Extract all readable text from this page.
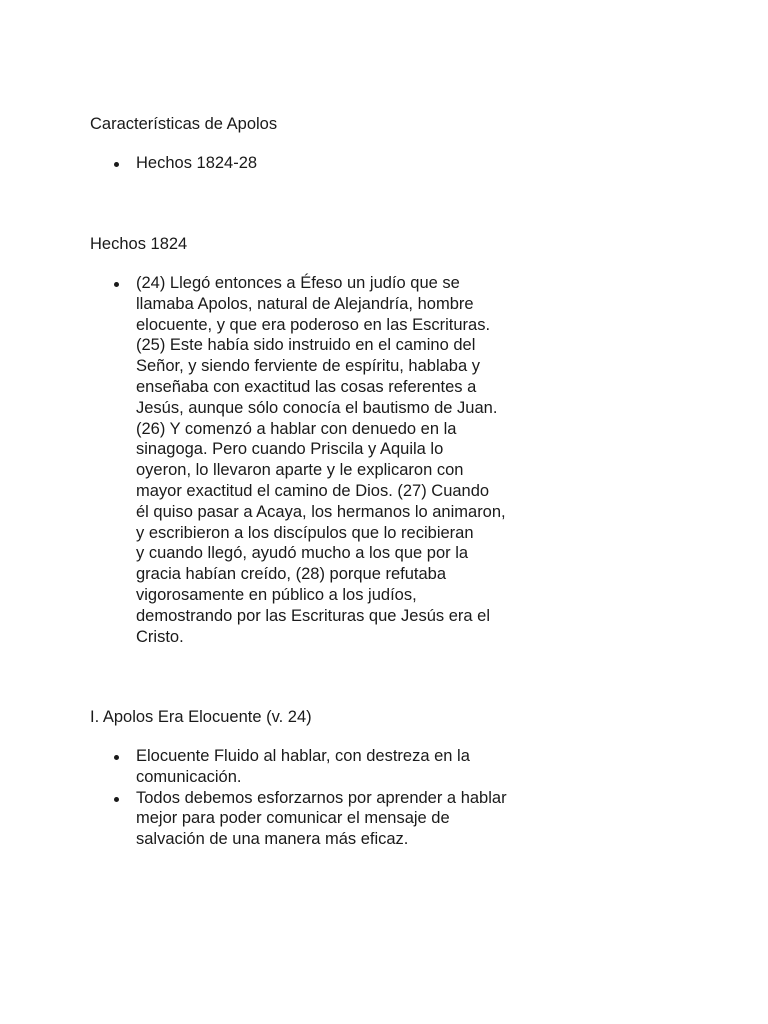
Características de Apolos
Hechos 1824-28
Hechos 1824
(24) Llegó entonces a Éfeso un judío que se
llamaba Apolos, natural de Alejandría, hombre
elocuente, y que era poderoso en las Escrituras.
(25) Este había sido instruido en el camino del
Señor, y siendo ferviente de espíritu, hablaba y
enseñaba con exactitud las cosas referentes a
Jesús, aunque sólo conocía el bautismo de Juan.
(26) Y comenzó a hablar con denuedo en la
sinagoga. Pero cuando Priscila y Aquila lo
oyeron, lo llevaron aparte y le explicaron con
mayor exactitud el camino de Dios. (27) Cuando
él quiso pasar a Acaya, los hermanos lo animaron,
y escribieron a los discípulos que lo recibieran
y cuando llegó, ayudó mucho a los que por la
gracia habían creído, (28) porque refutaba
vigorosamente en público a los judíos,
demostrando por las Escrituras que Jesús era el
Cristo.
I. Apolos Era Elocuente (v. 24)
Elocuente Fluido al hablar, con destreza en la
comunicación.
Todos debemos esforzarnos por aprender a hablar
mejor para poder comunicar el mensaje de
salvación de una manera más eficaz.
